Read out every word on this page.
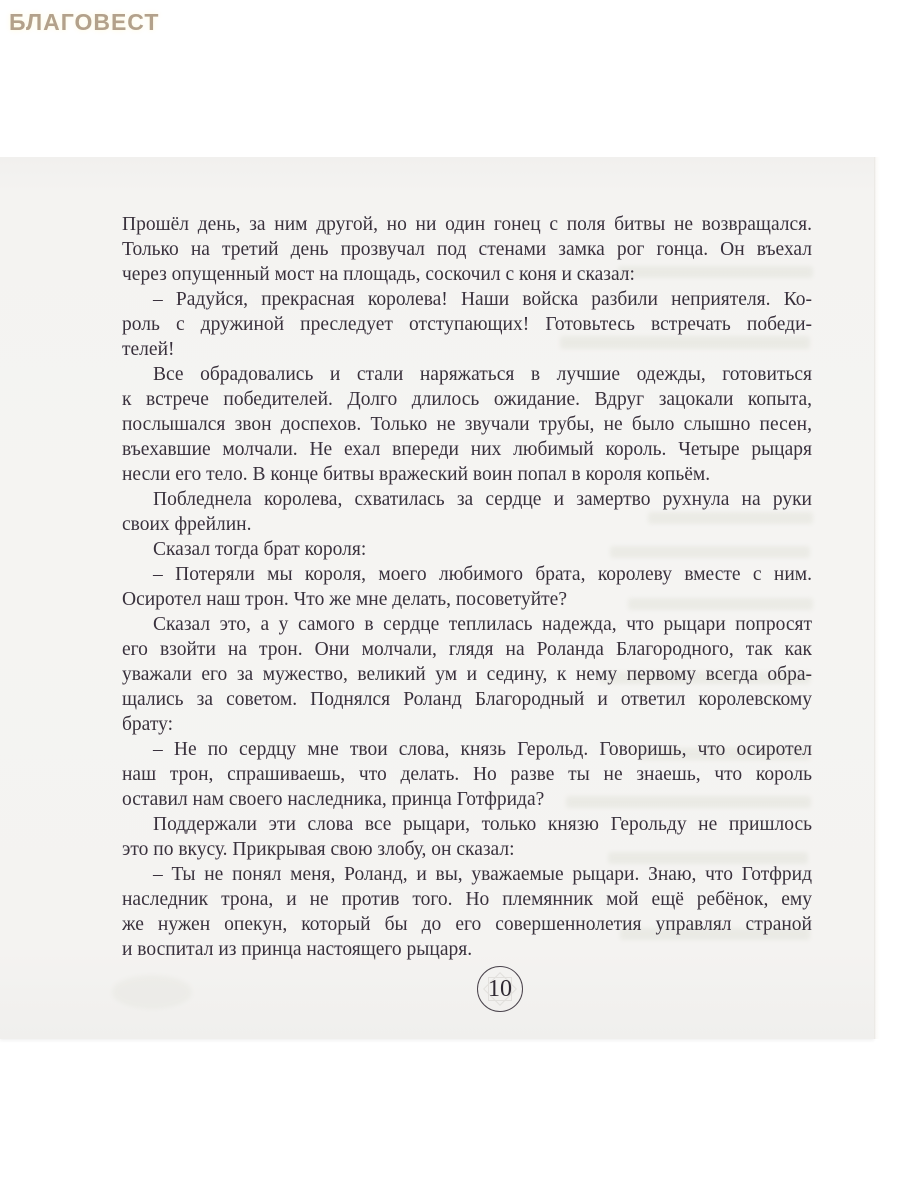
БЛАГОВЕСТ
Прошёл день, за ним другой, но ни один гонец с поля битвы не возвращался.
Только на третий день прозвучал под стенами замка рог гонца. Он въехал
через опущенный мост на площадь, соскочил с коня и сказал:
– Радуйся, прекрасная королева! Наши войска разбили неприятеля. Ко-
роль с дружиной преследует отступающих! Готовьтесь встречать победи-
телей!
Все обрадовались и стали наряжаться в лучшие одежды, готовиться
к встрече победителей. Долго длилось ожидание. Вдруг зацокали копыта,
послышался звон доспехов. Только не звучали трубы, не было слышно песен,
въехавшие молчали. Не ехал впереди них любимый король. Четыре рыцаря
несли его тело. В конце битвы вражеский воин попал в короля копьём.
Побледнела королева, схватилась за сердце и замертво рухнула на руки
своих фрейлин.
Сказал тогда брат короля:
– Потеряли мы короля, моего любимого брата, королеву вместе с ним.
Осиротел наш трон. Что же мне делать, посоветуйте?
Сказал это, а у самого в сердце теплилась надежда, что рыцари попросят
его взойти на трон. Они молчали, глядя на Роланда Благородного, так как
уважали его за мужество, великий ум и седину, к нему первому всегда обра-
щались за советом. Поднялся Роланд Благородный и ответил королевскому
брату:
– Не по сердцу мне твои слова, князь Герольд. Говоришь, что осиротел
наш трон, спрашиваешь, что делать. Но разве ты не знаешь, что король
оставил нам своего наследника, принца Готфрида?
Поддержали эти слова все рыцари, только князю Герольду не пришлось
это по вкусу. Прикрывая свою злобу, он сказал:
– Ты не понял меня, Роланд, и вы, уважаемые рыцари. Знаю, что Готфрид
наследник трона, и не против того. Но племянник мой ещё ребёнок, ему
же нужен опекун, который бы до его совершеннолетия управлял страной
и воспитал из принца настоящего рыцаря.
10
